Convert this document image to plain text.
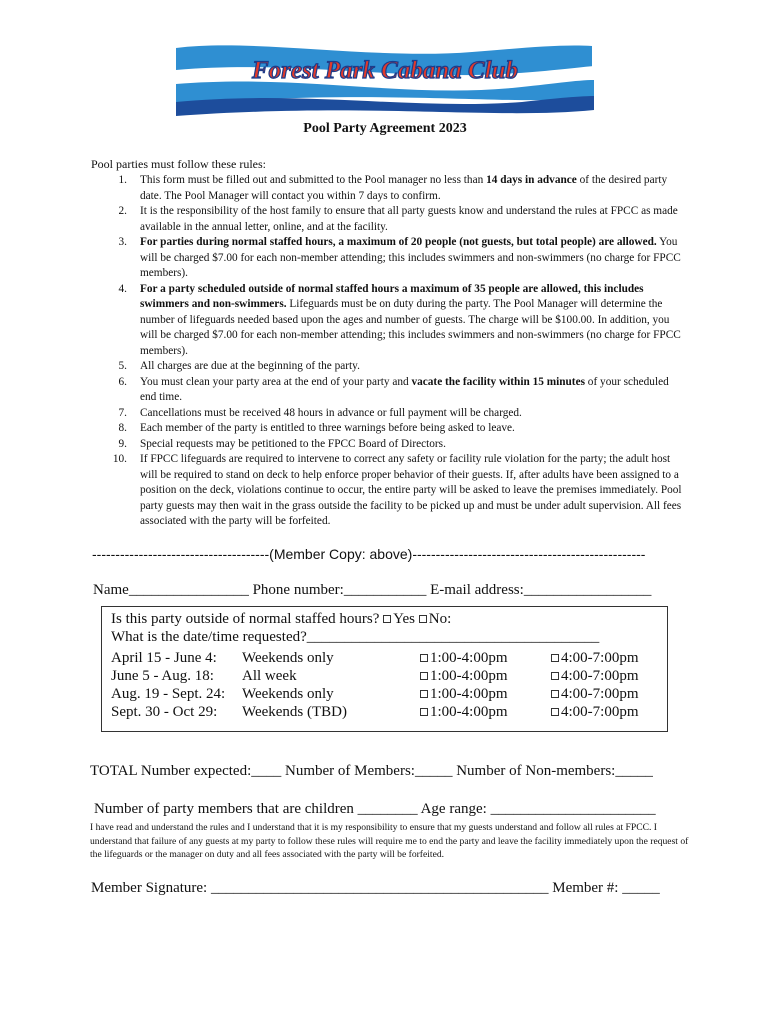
Forest Park Cabana Club
Pool Party Agreement 2023
Pool parties must follow these rules:
1. This form must be filled out and submitted to the Pool manager no less than 14 days in advance of the desired party date. The Pool Manager will contact you within 7 days to confirm.
2. It is the responsibility of the host family to ensure that all party guests know and understand the rules at FPCC as made available in the annual letter, online, and at the facility.
3. For parties during normal staffed hours, a maximum of 20 people (not guests, but total people) are allowed. You will be charged $7.00 for each non-member attending; this includes swimmers and non-swimmers (no charge for FPCC members).
4. For a party scheduled outside of normal staffed hours a maximum of 35 people are allowed, this includes swimmers and non-swimmers. Lifeguards must be on duty during the party. The Pool Manager will determine the number of lifeguards needed based upon the ages and number of guests. The charge will be $100.00. In addition, you will be charged $7.00 for each non-member attending; this includes swimmers and non-swimmers (no charge for FPCC members).
5. All charges are due at the beginning of the party.
6. You must clean your party area at the end of your party and vacate the facility within 15 minutes of your scheduled end time.
7. Cancellations must be received 48 hours in advance or full payment will be charged.
8. Each member of the party is entitled to three warnings before being asked to leave.
9. Special requests may be petitioned to the FPCC Board of Directors.
10. If FPCC lifeguards are required to intervene to correct any safety or facility rule violation for the party; the adult host will be required to stand on deck to help enforce proper behavior of their guests. If, after adults have been assigned to a position on the deck, violations continue to occur, the entire party will be asked to leave the premises immediately. Pool party guests may then wait in the grass outside the facility to be picked up and must be under adult supervision. All fees associated with the party will be forfeited.
--------------------------------------(Member Copy: above)--------------------------------------------------
Name________________ Phone number:___________ E-mail address:_________________
Is this party outside of normal staffed hours? Yes No:
What is the date/time requested?_______________________________________
April 15 - June 4: Weekends only	1:00-4:00pm	4:00-7:00pm
June 5 - Aug. 18: All week	1:00-4:00pm	4:00-7:00pm
Aug. 19 - Sept. 24: Weekends only	1:00-4:00pm	4:00-7:00pm
Sept. 30 - Oct 29: Weekends (TBD)	1:00-4:00pm	4:00-7:00pm
TOTAL Number expected:____ Number of Members:_____ Number of Non-members:_____
Number of party members that are children ________ Age range: ______________________
I have read and understand the rules and I understand that it is my responsibility to ensure that my guests understand and follow all rules at FPCC. I understand that failure of any guests at my party to follow these rules will require me to end the party and leave the facility immediately upon the request of the lifeguards or the manager on duty and all fees associated with the party will be forfeited.
Member Signature: _____________________________________________ Member #: _____
